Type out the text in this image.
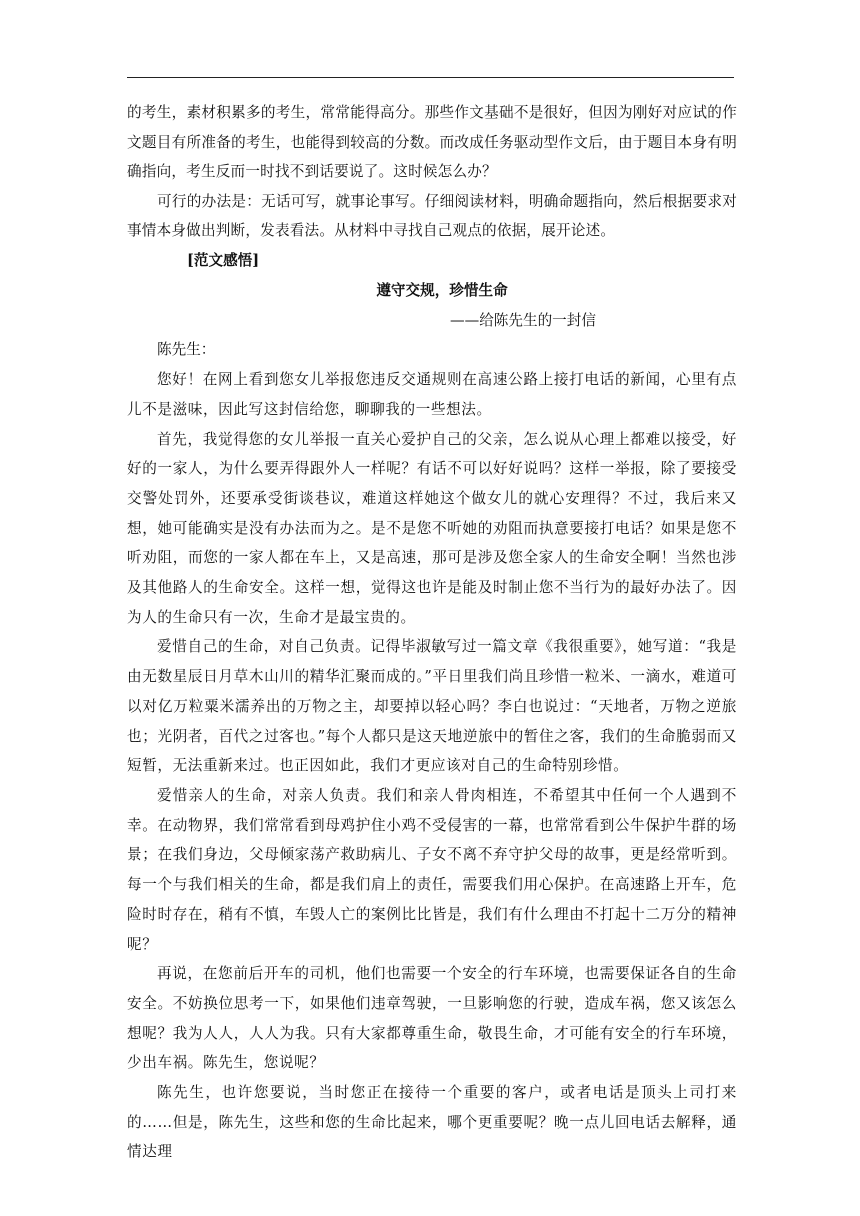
的考生，素材积累多的考生，常常能得高分。那些作文基础不是很好，但因为刚好对应试的作文题目有所准备的考生，也能得到较高的分数。而改成任务驱动型作文后，由于题目本身有明确指向，考生反而一时找不到话要说了。这时候怎么办？

可行的办法是：无话可写，就事论事写。仔细阅读材料，明确命题指向，然后根据要求对事情本身做出判断，发表看法。从材料中寻找自己观点的依据，展开论述。

[范文感悟]

遵守交规，珍惜生命

——给陈先生的一封信

陈先生：

您好！在网上看到您女儿举报您违反交通规则在高速公路上接打电话的新闻，心里有点儿不是滋味，因此写这封信给您，聊聊我的一些想法。

首先，我觉得您的女儿举报一直关心爱护自己的父亲，怎么说从心理上都难以接受，好好的一家人，为什么要弄得跟外人一样呢？有话不可以好好说吗？这样一举报，除了要接受交警处罚外，还要承受街谈巷议，难道这样她这个做女儿的就心安理得？不过，我后来又想，她可能确实是没有办法而为之。是不是您不听她的劝阻而执意要接打电话？如果是您不听劝阻，而您的一家人都在车上，又是高速，那可是涉及您全家人的生命安全啊！当然也涉及其他路人的生命安全。这样一想，觉得这也许是能及时制止您不当行为的最好办法了。因为人的生命只有一次，生命才是最宝贵的。

爱惜自己的生命，对自己负责。记得毕淑敏写过一篇文章《我很重要》，她写道：“我是由无数星辰日月草木山川的精华汇聚而成的。”平日里我们尚且珍惜一粒米、一滴水，难道可以对亿万粒粟米濡养出的万物之主，却要掉以轻心吗？李白也说过：“天地者，万物之逆旅也；光阴者，百代之过客也。”每个人都只是这天地逆旅中的暂住之客，我们的生命脆弱而又短暂，无法重新来过。也正因如此，我们才更应该对自己的生命特别珍惜。

爱惜亲人的生命，对亲人负责。我们和亲人骨肉相连，不希望其中任何一个人遇到不幸。在动物界，我们常常看到母鸡护住小鸡不受侵害的一幕，也常常看到公牛保护牛群的场景；在我们身边，父母倾家荡产救助病儿、子女不离不弃守护父母的故事，更是经常听到。每一个与我们相关的生命，都是我们肩上的责任，需要我们用心保护。在高速路上开车，危险时时存在，稍有不慎，车毁人亡的案例比比皆是，我们有什么理由不打起十二万分的精神呢？

再说，在您前后开车的司机，他们也需要一个安全的行车环境，也需要保证各自的生命安全。不妨换位思考一下，如果他们违章驾驶，一旦影响您的行驶，造成车祸，您又该怎么想呢？我为人人，人人为我。只有大家都尊重生命，敬畏生命，才可能有安全的行车环境，少出车祸。陈先生，您说呢？

陈先生，也许您要说，当时您正在接待一个重要的客户，或者电话是顶头上司打来的……但是，陈先生，这些和您的生命比起来，哪个更重要呢？晚一点儿回电话去解释，通情达理
